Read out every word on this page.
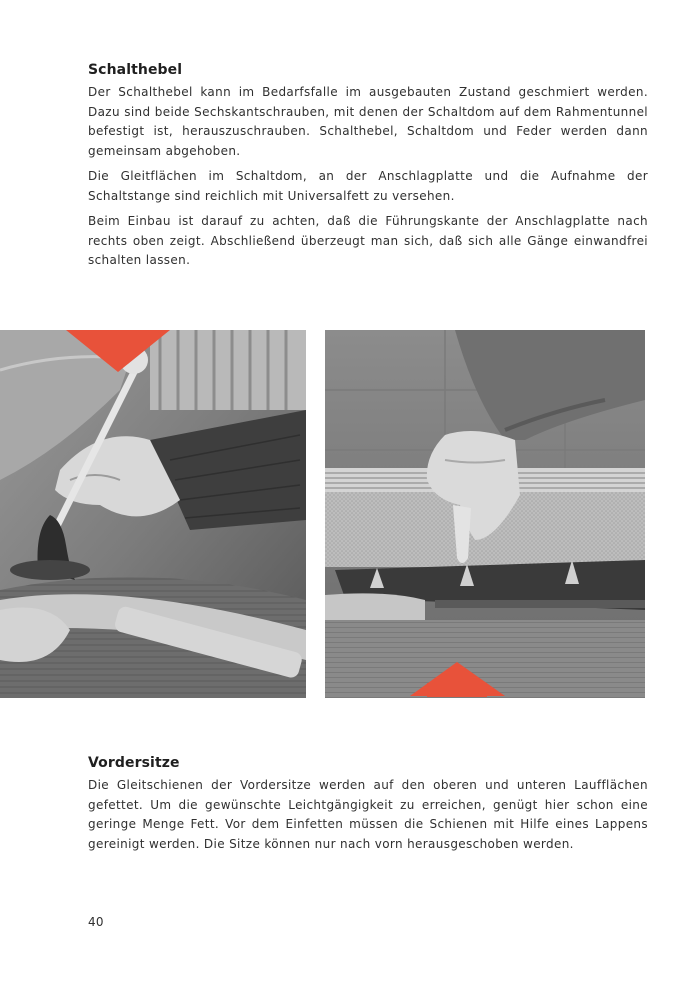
Schalthebel

Der Schalthebel kann im Bedarfsfalle im ausgebauten Zustand geschmiert werden. Dazu sind beide Sechskantschrauben, mit denen der Schaltdom auf dem Rahmentunnel befestigt ist, herauszuschrauben. Schalthebel, Schaltdom und Feder werden dann gemeinsam abgehoben.

Die Gleitflächen im Schaltdom, an der Anschlagplatte und die Aufnahme der Schaltstange sind reichlich mit Universalfett zu versehen.

Beim Einbau ist darauf zu achten, daß die Führungskante der Anschlagplatte nach rechts oben zeigt. Abschließend überzeugt man sich, daß sich alle Gänge einwandfrei schalten lassen.

Vordersitze

Die Gleitschienen der Vordersitze werden auf den oberen und unteren Laufflächen gefettet. Um die gewünschte Leichtgängigkeit zu erreichen, genügt hier schon eine geringe Menge Fett. Vor dem Einfetten müssen die Schienen mit Hilfe eines Lappens gereinigt werden. Die Sitze können nur nach vorn herausgeschoben werden.

40
